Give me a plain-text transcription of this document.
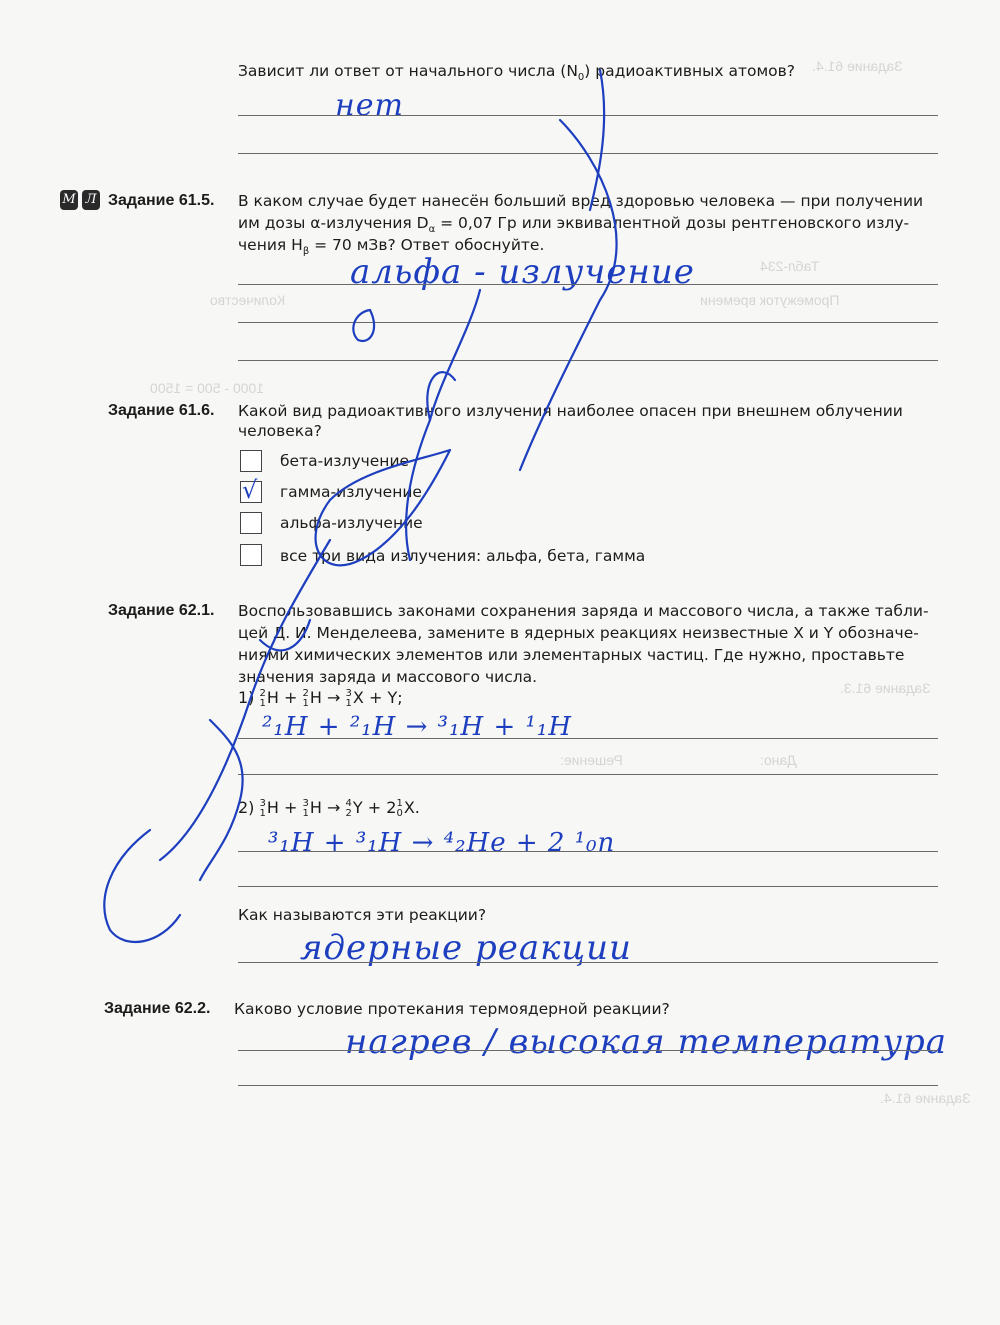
Задание 61.4.
Табл-234
Промежуток времени
Количество
Задание 61.3.
Дано:
Решение:
Задание 61.4.
1000 - 500 = 1500
Зависит ли ответ от начального числа $(N_0)$ радиоактивных атомов?
нет
М Л Задание 61.5. В каком случае будет нанесён больший вред здоровью человека — при получении
им дозы α-излучения $D_\alpha = 0,07$ Гр или эквивалентной дозы рентгеновского излу-
чения $H_\beta = 70$ мЗв? Ответ обоснуйте.
альфа - излучение
Задание 61.6. Какой вид радиоактивного излучения наиболее опасен при внешнем облучении
человека?
бета-излучение
√ гамма-излучение
альфа-излучение
все три вида излучения: альфа, бета, гамма
Задание 62.1. Воспользовавшись законами сохранения заряда и массового числа, а также табли-
цей Д. И. Менделеева, замените в ядерных реакциях неизвестные X и Y обозначе-
ниями химических элементов или элементарных частиц. Где нужно, проставьте
значения заряда и массового числа.
1) 2
1 H + 2
1 H → 3
1 X + Y;
²₁H + ²₁H → ³₁H + ¹₁H
2) 3
1 H + 3
1 H → 4
2 Y + 2 1
0 X.
³₁H + ³₁H → ⁴₂He + 2 ¹₀n
Как называются эти реакции?
ядерные реакции
Задание 62.2. Каково условие протекания термоядерной реакции?
нагрев / высокая температура
